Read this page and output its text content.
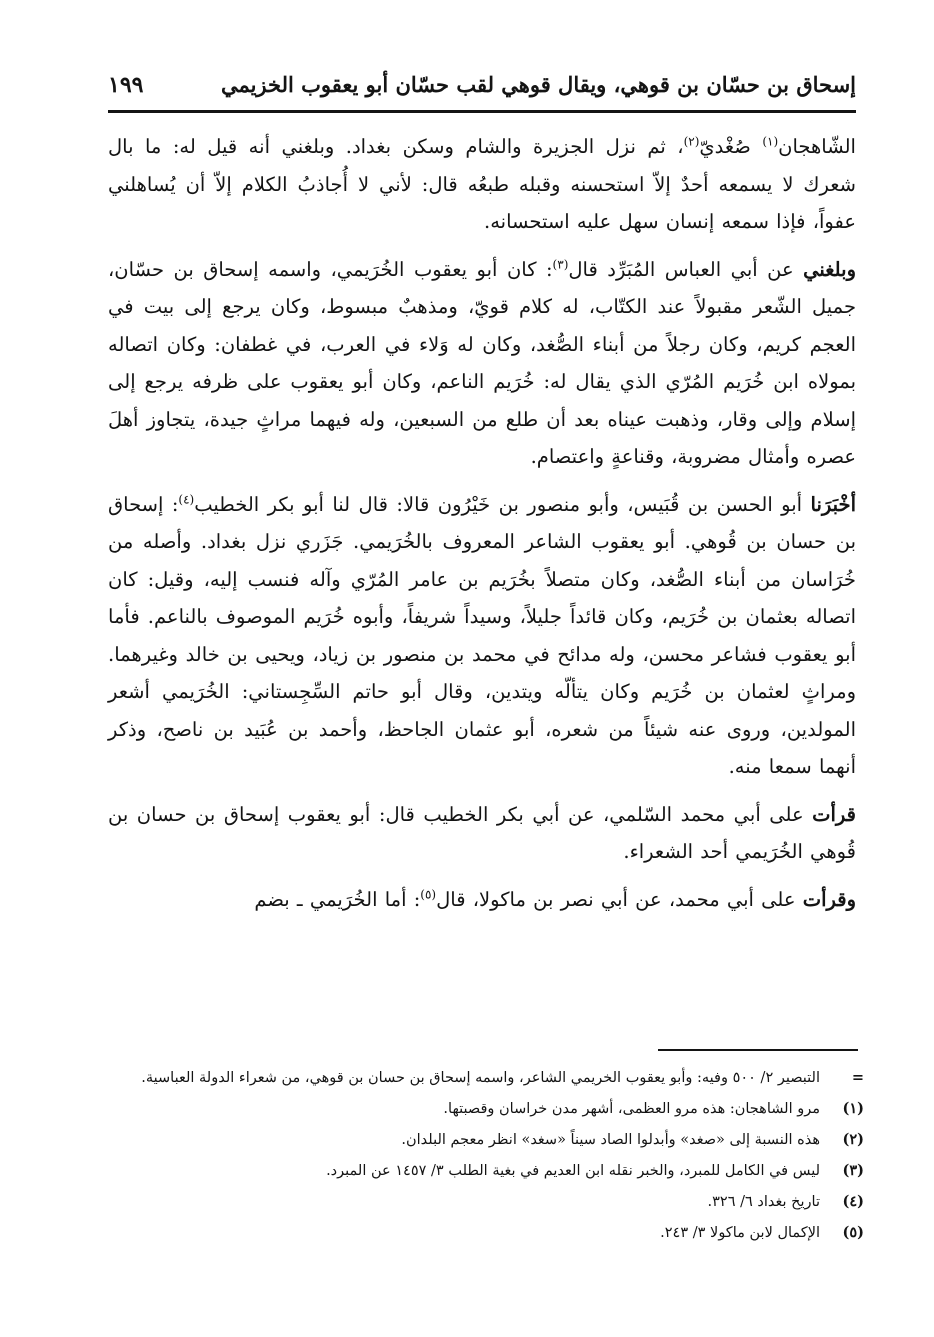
إسحاق بن حسّان بن قوهي، ويقال قوهي لقب حسّان أبو يعقوب الخزيمي
١٩٩

الشّاهجان$^{(١)}$ صُغْديّ$^{(٢)}$، ثم نزل الجزيرة والشام وسكن بغداد. وبلغني أنه قيل له: ما بال شعرك لا يسمعه أحدٌ إلاّ استحسنه وقبله طبعُه قال: لأني لا أُجاذبُ الكلام إلاّ أن يُساهلني عفواً، فإذا سمعه إنسان سهل عليه استحسانه.

وبلغني عن أبي العباس المُبَرِّد قال$^{(٣)}$: كان أبو يعقوب الخُرَيمي، واسمه إسحاق بن حسّان، جميل الشّعر مقبولاً عند الكتّاب، له كلام قويّ، ومذهبٌ مبسوط، وكان يرجع إلى بيت في العجم كريم، وكان رجلاً من أبناء الصُّغد، وكان له وَلاء في العرب، في غطفان: وكان اتصاله بمولاه ابن خُرَيم المُرّي الذي يقال له: خُرَيم الناعم، وكان أبو يعقوب على ظرفه يرجع إلى إسلام وإلى وقار، وذهبت عيناه بعد أن طلع من السبعين، وله فيهما مراثٍ جيدة، يتجاوز أهلَ عصره وأمثال مضروبة، وقناعةٍ واعتصام.

أخْبَرَنا أبو الحسن بن قُبَيس، وأبو منصور بن خَيْرُون قالا: قال لنا أبو بكر الخطيب$^{(٤)}$: إسحاق بن حسان بن قُوهي. أبو يعقوب الشاعر المعروف بالخُرَيمي. جَزَري نزل بغداد. وأصله من خُرَاسان من أبناء الصُّغد، وكان متصلاً بخُرَيم بن عامر المُرّي وآله فنسب إليه، وقيل: كان اتصاله بعثمان بن خُرَيم، وكان قائداً جليلاً، وسيداً شريفاً، وأبوه خُرَيم الموصوف بالناعم. فأما أبو يعقوب فشاعر محسن، وله مدائح في محمد بن منصور بن زياد، ويحيى بن خالد وغيرهما. ومراثٍ لعثمان بن خُرَيم وكان يتألّه ويتدين، وقال أبو حاتم السِّجِستاني: الخُرَيمي أشعر المولدين، وروى عنه شيئاً من شعره، أبو عثمان الجاحظ، وأحمد بن عُبَيد بن ناصح، وذكر أنهما سمعا منه.

قرأت على أبي محمد السّلمي، عن أبي بكر الخطيب قال: أبو يعقوب إسحاق بن حسان بن قُوهي الخُرَيمي أحد الشعراء.

وقرأت على أبي محمد، عن أبي نصر بن ماكولا، قال$^{(٥)}$: أما الخُرَيمي ـ بضم

=
التبصير ٢/ ٥٠٠ وفيه: وأبو يعقوب الخريمي الشاعر، واسمه إسحاق بن حسان بن قوهي، من شعراء الدولة العباسية.
(١)
مرو الشاهجان: هذه مرو العظمى، أشهر مدن خراسان وقصبتها.
(٢)
هذه النسبة إلى «صغد» وأبدلوا الصاد سيناً «سغد» انظر معجم البلدان.
(٣)
ليس في الكامل للمبرد، والخبر نقله ابن العديم في بغية الطلب ٣/ ١٤٥٧ عن المبرد.
(٤)
تاريخ بغداد ٦/ ٣٢٦.
(٥)
الإكمال لابن ماكولا ٣/ ٢٤٣.
